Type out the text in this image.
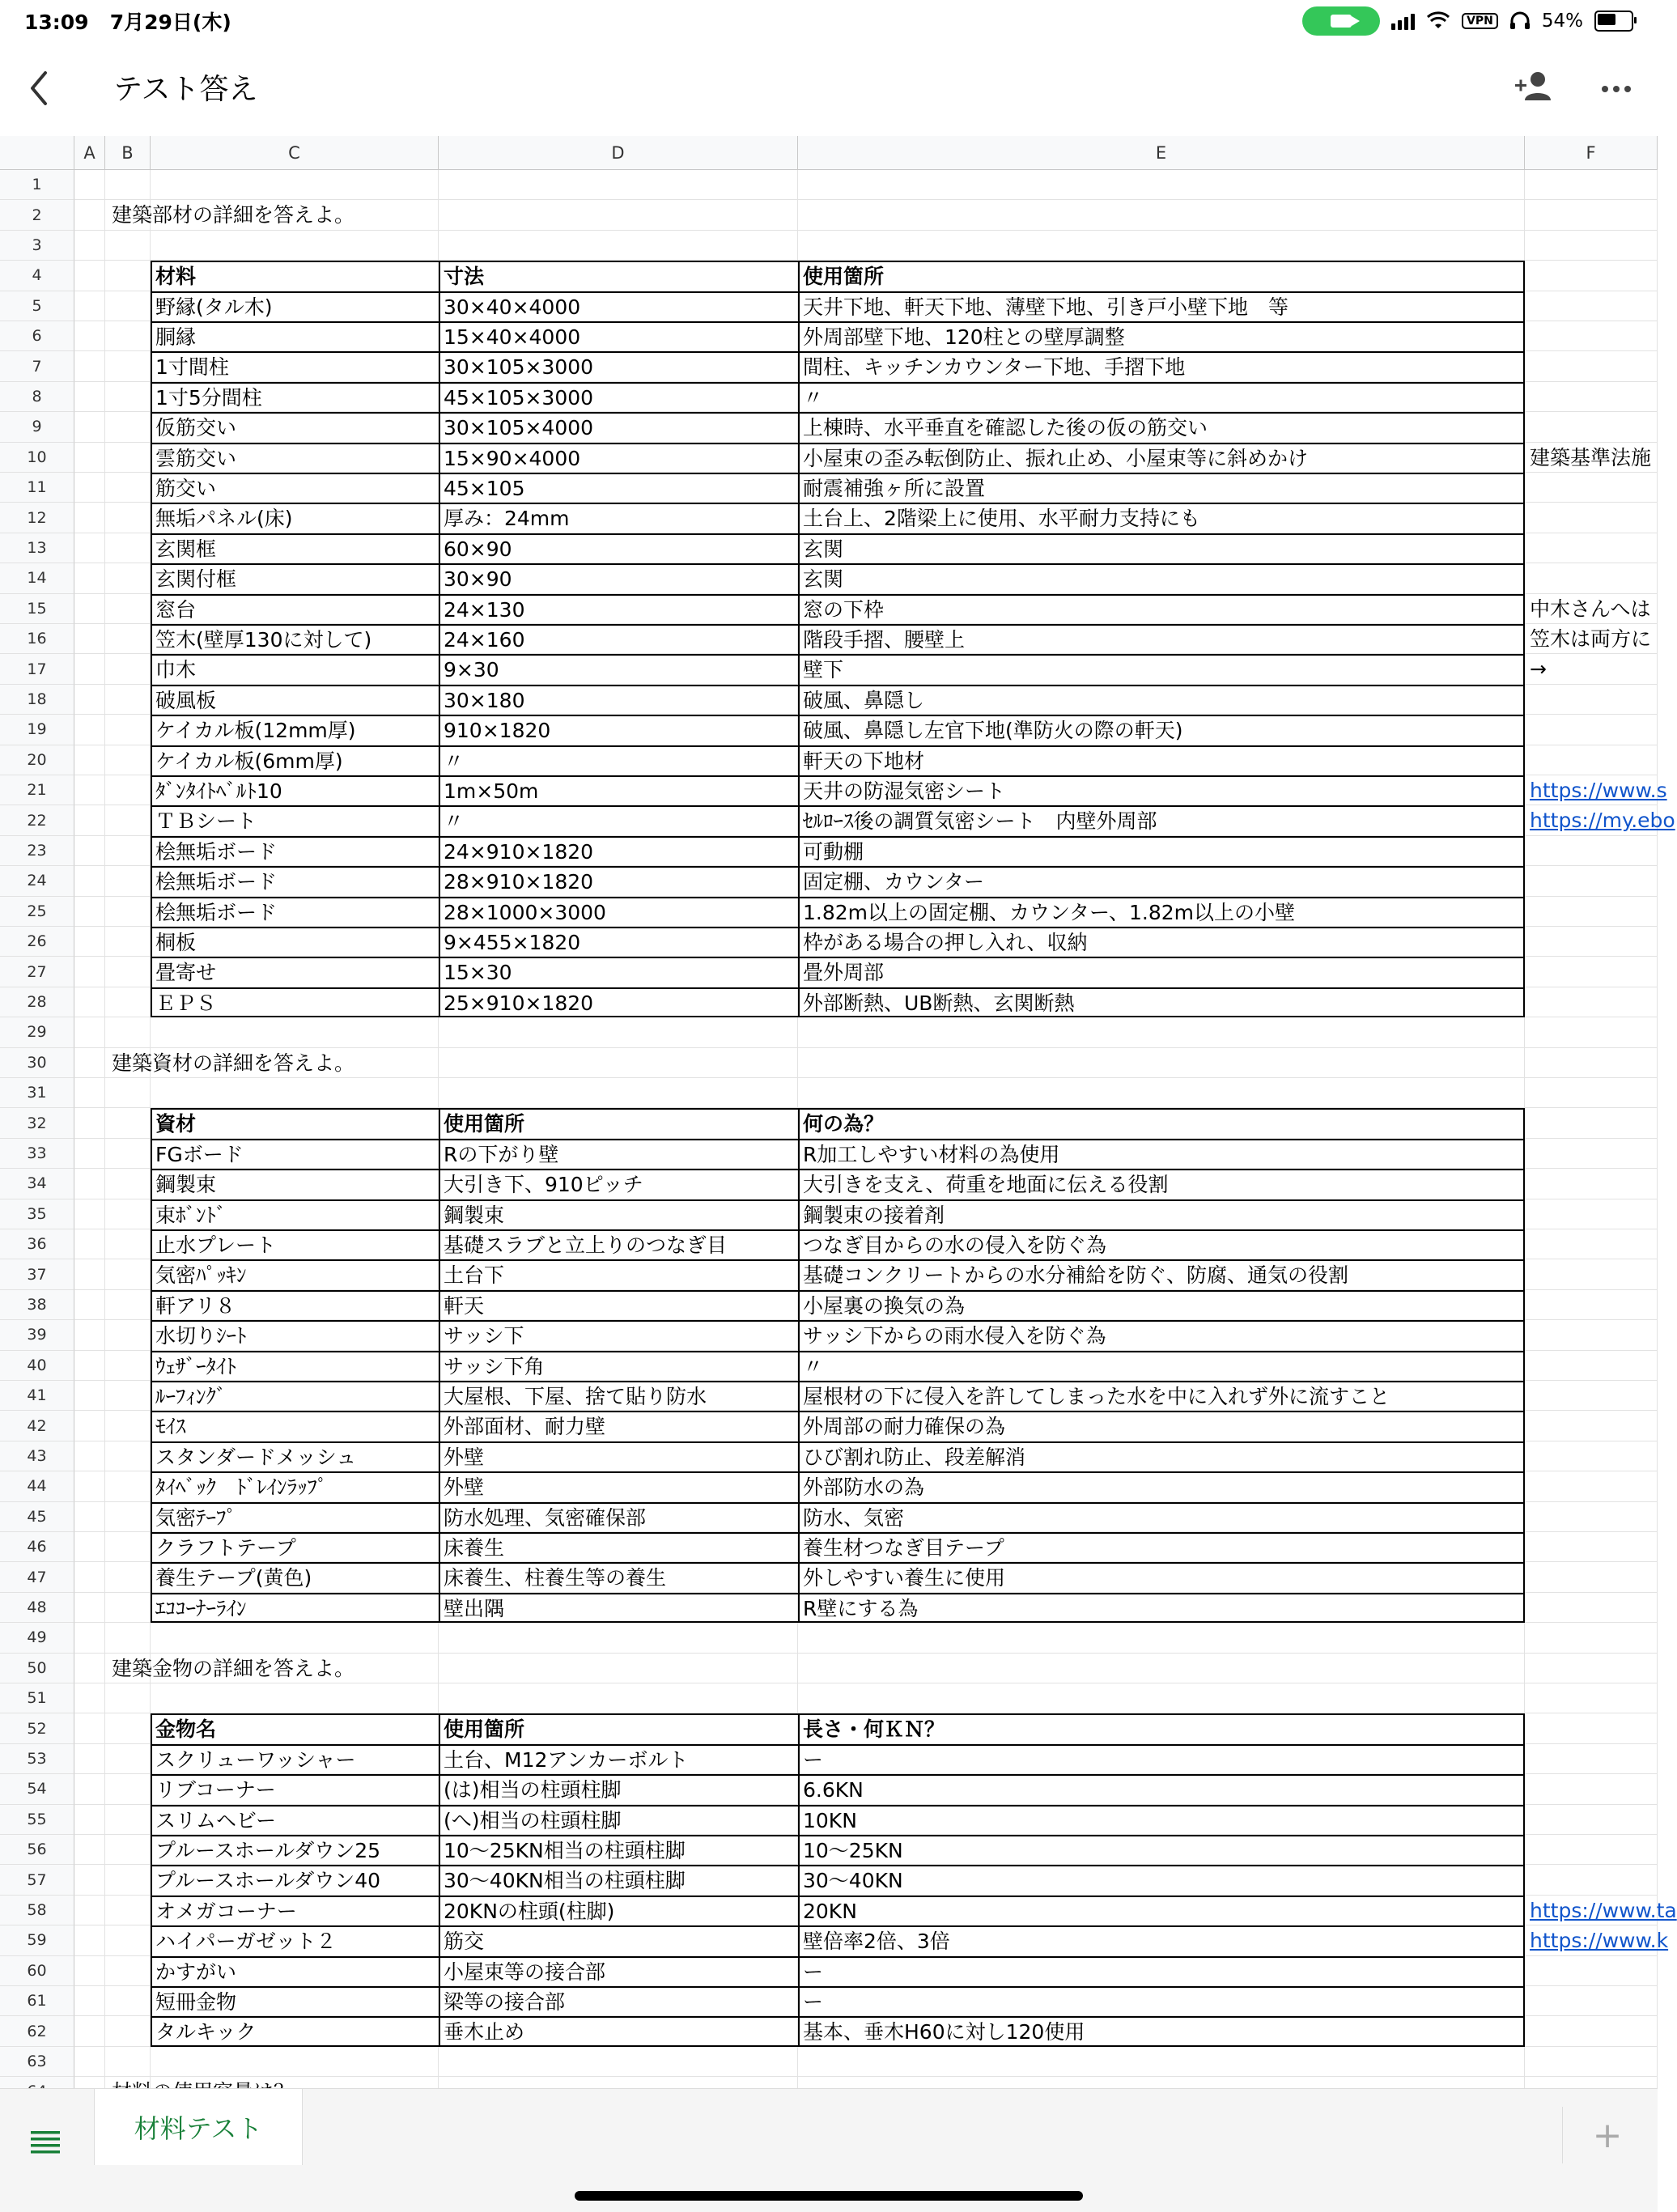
13:09 7月29日(木)	VPN	54%
テスト答え
建築部材の詳細を答えよ。
建築資材の詳細を答えよ。
建築金物の詳細を答えよ。
材料	寸法	使用箇所
野縁(タル木)	30×40×4000	天井下地、軒天下地、薄壁下地、引き戸小壁下地　等
胴縁	15×40×4000	外周部壁下地、120柱との壁厚調整
1寸間柱	30×105×3000	間柱、キッチンカウンター下地、手摺下地
1寸5分間柱	45×105×3000	〃
仮筋交い	30×105×4000	上棟時、水平垂直を確認した後の仮の筋交い
雲筋交い	15×90×4000	小屋束の歪み転倒防止、振れ止め、小屋束等に斜めかけ
筋交い	45×105	耐震補強ヶ所に設置
無垢パネル(床)	厚み：24mm	土台上、2階梁上に使用、水平耐力支持にも
玄関框	60×90	玄関
玄関付框	30×90	玄関
窓台	24×130	窓の下枠
笠木(壁厚130に対して)	24×160	階段手摺、腰壁上
巾木	9×30	壁下
破風板	30×180	破風、鼻隠し
ケイカル板(12mm厚)	910×1820	破風、鼻隠し左官下地(準防火の際の軒天)
ケイカル板(6mm厚)	〃	軒天の下地材
ﾀﾞﾝﾀｲﾄﾍﾞﾙﾄ10	1m×50m	天井の防湿気密シート
ＴＢシート	〃	ｾﾙﾛｰｽ後の調質気密シート　内壁外周部
桧無垢ボード	24×910×1820	可動棚
桧無垢ボード	28×910×1820	固定棚、カウンター
桧無垢ボード	28×1000×3000	1.82m以上の固定棚、カウンター、1.82m以上の小壁
桐板	9×455×1820	枠がある場合の押し入れ、収納
畳寄せ	15×30	畳外周部
ＥＰＳ	25×910×1820	外部断熱、UB断熱、玄関断熱
資材	使用箇所	何の為？
FGボード	Rの下がり壁	R加工しやすい材料の為使用
鋼製束	大引き下、910ピッチ	大引きを支え、荷重を地面に伝える役割
束ﾎﾞﾝﾄﾞ	鋼製束	鋼製束の接着剤
止水プレート	基礎スラブと立上りのつなぎ目	つなぎ目からの水の侵入を防ぐ為
気密ﾊﾟｯｷﾝ	土台下	基礎コンクリートからの水分補給を防ぐ、防腐、通気の役割
軒アリ８	軒天	小屋裏の換気の為
水切りｼｰﾄ	サッシ下	サッシ下からの雨水侵入を防ぐ為
ｳｪｻﾞｰﾀｲﾄ	サッシ下角	〃
ﾙｰﾌｨﾝｸﾞ	大屋根、下屋、捨て貼り防水	屋根材の下に侵入を許してしまった水を中に入れず外に流すこと
ﾓｲｽ	外部面材、耐力壁	外周部の耐力確保の為
スタンダードメッシュ	外壁	ひび割れ防止、段差解消
ﾀｲﾍﾞｯｸ　ﾄﾞﾚｲﾝﾗｯﾌﾟ	外壁	外部防水の為
気密ﾃｰﾌﾟ	防水処理、気密確保部	防水、気密
クラフトテープ	床養生	養生材つなぎ目テープ
養生テープ(黄色)	床養生、柱養生等の養生	外しやすい養生に使用
ｴｺｺｰﾅｰﾗｲﾝ	壁出隅	R壁にする為
金物名	使用箇所	長さ・何ＫＮ？
スクリューワッシャー	土台、M12アンカーボルト	ー
リブコーナー	(は)相当の柱頭柱脚	6.6KN
スリムヘビー	(へ)相当の柱頭柱脚	10KN
プルースホールダウン25	10〜25KN相当の柱頭柱脚	10〜25KN
プルースホールダウン40	30〜40KN相当の柱頭柱脚	30〜40KN
オメガコーナー	20KNの柱頭(柱脚)	20KN
ハイパーガゼット２	筋交	壁倍率2倍、3倍
かすがい	小屋束等の接合部	ー
短冊金物	梁等の接合部	ー
タルキック	垂木止め	基本、垂木H60に対し120使用
建築基準法施
中木さんへは
笠木は両方に
→
https://www.s
https://my.ebo
https://www.ta
https://www.k
A	B	C	D	E	F
1
2
3
4
5
6
7
8
9
10
11
12
13
14
15
16
17
18
19
20
21
22
23
24
25
26
27
28
29
30
31
32
33
34
35
36
37
38
39
40
41
42
43
44
45
46
47
48
49
50
51
52
53
54
55
56
57
58
59
60
61
62
63
材料テスト	+
